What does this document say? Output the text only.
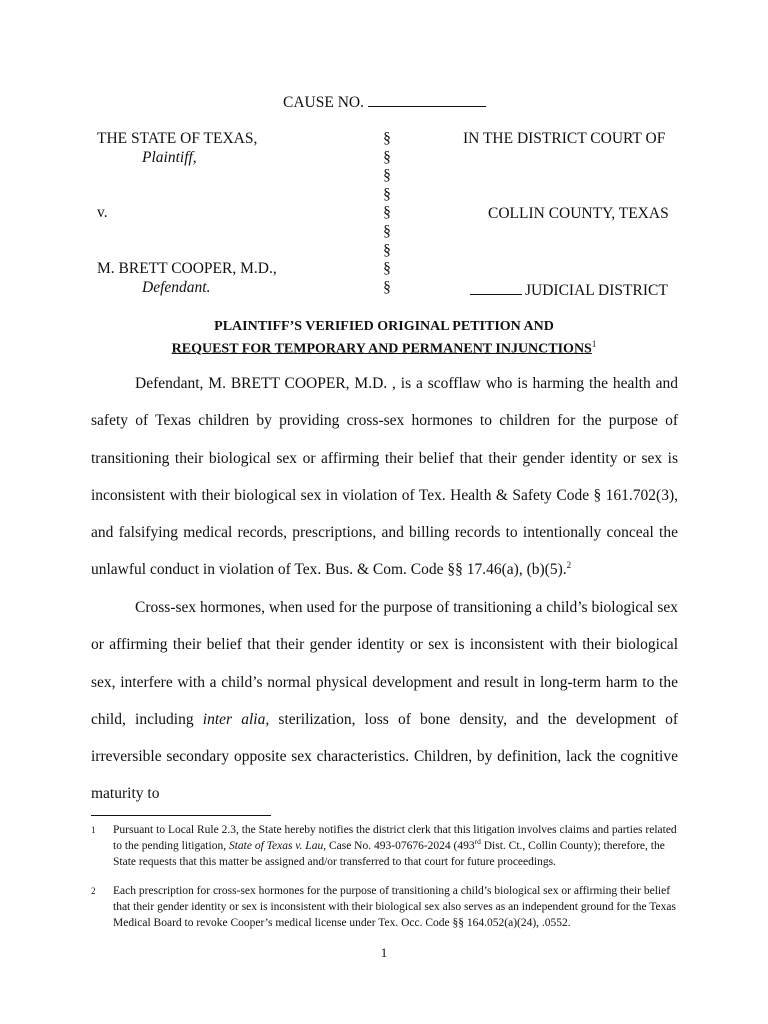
CAUSE NO.
THE STATE OF TEXAS,
Plaintiff,

v.

M. BRETT COOPER, M.D.,
Defendant.
§
§
§
§
§
§
§
§
§
IN THE DISTRICT COURT OF
COLLIN COUNTY, TEXAS
JUDICIAL DISTRICT
PLAINTIFF’S VERIFIED ORIGINAL PETITION AND
REQUEST FOR TEMPORARY AND PERMANENT INJUNCTIONS$^1$

Defendant, M. BRETT COOPER, M.D. , is a scofflaw who is harming the health and safety of Texas children by providing cross-sex hormones to children for the purpose of transitioning their biological sex or affirming their belief that their gender identity or sex is inconsistent with their biological sex in violation of Tex. Health & Safety Code § 161.702(3), and falsifying medical records, prescriptions, and billing records to intentionally conceal the unlawful conduct in violation of Tex. Bus. & Com. Code §§ 17.46(a), (b)(5).$^2$

Cross-sex hormones, when used for the purpose of transitioning a child’s biological sex or affirming their belief that their gender identity or sex is inconsistent with their biological sex, interfere with a child’s normal physical development and result in long-term harm to the child, including inter alia, sterilization, loss of bone density, and the development of irreversible secondary opposite sex characteristics. Children, by definition, lack the cognitive maturity to

1 Pursuant to Local Rule 2.3, the State hereby notifies the district clerk that this litigation involves claims and parties related to the pending litigation, State of Texas v. Lau, Case No. 493-07676-2024 (493rd Dist. Ct., Collin County); therefore, the State requests that this matter be assigned and/or transferred to that court for future proceedings.
2 Each prescription for cross-sex hormones for the purpose of transitioning a child’s biological sex or affirming their belief that their gender identity or sex is inconsistent with their biological sex also serves as an independent ground for the Texas Medical Board to revoke Cooper’s medical license under Tex. Occ. Code §§ 164.052(a)(24), .0552.
1
